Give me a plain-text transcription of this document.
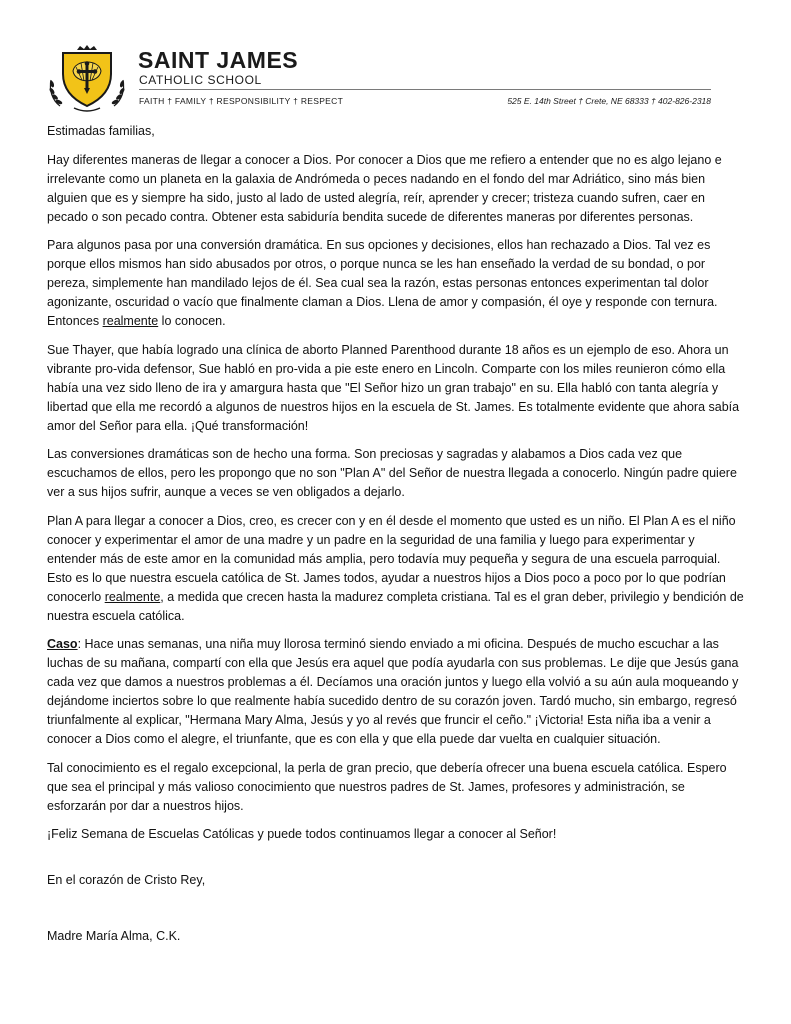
SAINT JAMES
CATHOLIC SCHOOL
FAITH † FAMILY † RESPONSIBILITY † RESPECT	525 E. 14th Street † Crete, NE 68333 † 402-826-2318

Estimadas familias,

Hay diferentes maneras de llegar a conocer a Dios. Por conocer a Dios que me refiero a entender que no es algo lejano e irrelevante como un planeta en la galaxia de Andrómeda o peces nadando en el fondo del mar Adriático, sino más bien alguien que es y siempre ha sido, justo al lado de usted alegría, reír, aprender y crecer; tristeza cuando sufren, caer en pecado o son pecado contra. Obtener esta sabiduría bendita sucede de diferentes maneras por diferentes personas.

Para algunos pasa por una conversión dramática. En sus opciones y decisiones, ellos han rechazado a Dios. Tal vez es porque ellos mismos han sido abusados por otros, o porque nunca se les han enseñado la verdad de su bondad, o por pereza, simplemente han mandilado lejos de él. Sea cual sea la razón, estas personas entonces experimentan tal dolor agonizante, oscuridad o vacío que finalmente claman a Dios. Llena de amor y compasión, él oye y responde con ternura. Entonces realmente lo conocen.

Sue Thayer, que había logrado una clínica de aborto Planned Parenthood durante 18 años es un ejemplo de eso. Ahora un vibrante pro-vida defensor, Sue habló en pro-vida a pie este enero en Lincoln. Comparte con los miles reunieron cómo ella había una vez sido lleno de ira y amargura hasta que "El Señor hizo un gran trabajo" en su. Ella habló con tanta alegría y libertad que ella me recordó a algunos de nuestros hijos en la escuela de St. James. Es totalmente evidente que ahora sabía amor del Señor para ella. ¡Qué transformación!

Las conversiones dramáticas son de hecho una forma. Son preciosas y sagradas y alabamos a Dios cada vez que escuchamos de ellos, pero les propongo que no son "Plan A" del Señor de nuestra llegada a conocerlo. Ningún padre quiere ver a sus hijos sufrir, aunque a veces se ven obligados a dejarlo.

Plan A para llegar a conocer a Dios, creo, es crecer con y en él desde el momento que usted es un niño. El Plan A es el niño conocer y experimentar el amor de una madre y un padre en la seguridad de una familia y luego para experimentar y entender más de este amor en la comunidad más amplia, pero todavía muy pequeña y segura de una escuela parroquial. Esto es lo que nuestra escuela católica de St. James todos, ayudar a nuestros hijos a Dios poco a poco por lo que podrían conocerlo realmente, a medida que crecen hasta la madurez completa cristiana. Tal es el gran deber, privilegio y bendición de nuestra escuela católica.

Caso: Hace unas semanas, una niña muy llorosa terminó siendo enviado a mi oficina. Después de mucho escuchar a las luchas de su mañana, compartí con ella que Jesús era aquel que podía ayudarla con sus problemas. Le dije que Jesús gana cada vez que damos a nuestros problemas a él. Decíamos una oración juntos y luego ella volvió a su aún aula moqueando y dejándome inciertos sobre lo que realmente había sucedido dentro de su corazón joven. Tardó mucho, sin embargo, regresó triunfalmente al explicar, "Hermana Mary Alma, Jesús y yo al revés que fruncir el ceño." ¡Victoria! Esta niña iba a venir a conocer a Dios como el alegre, el triunfante, que es con ella y que ella puede dar vuelta en cualquier situación.

Tal conocimiento es el regalo excepcional, la perla de gran precio, que debería ofrecer una buena escuela católica. Espero que sea el principal y más valioso conocimiento que nuestros padres de St. James, profesores y administración, se esforzarán por dar a nuestros hijos.

¡Feliz Semana de Escuelas Católicas y puede todos continuamos llegar a conocer al Señor!

En el corazón de Cristo Rey,

Madre María Alma, C.K.
